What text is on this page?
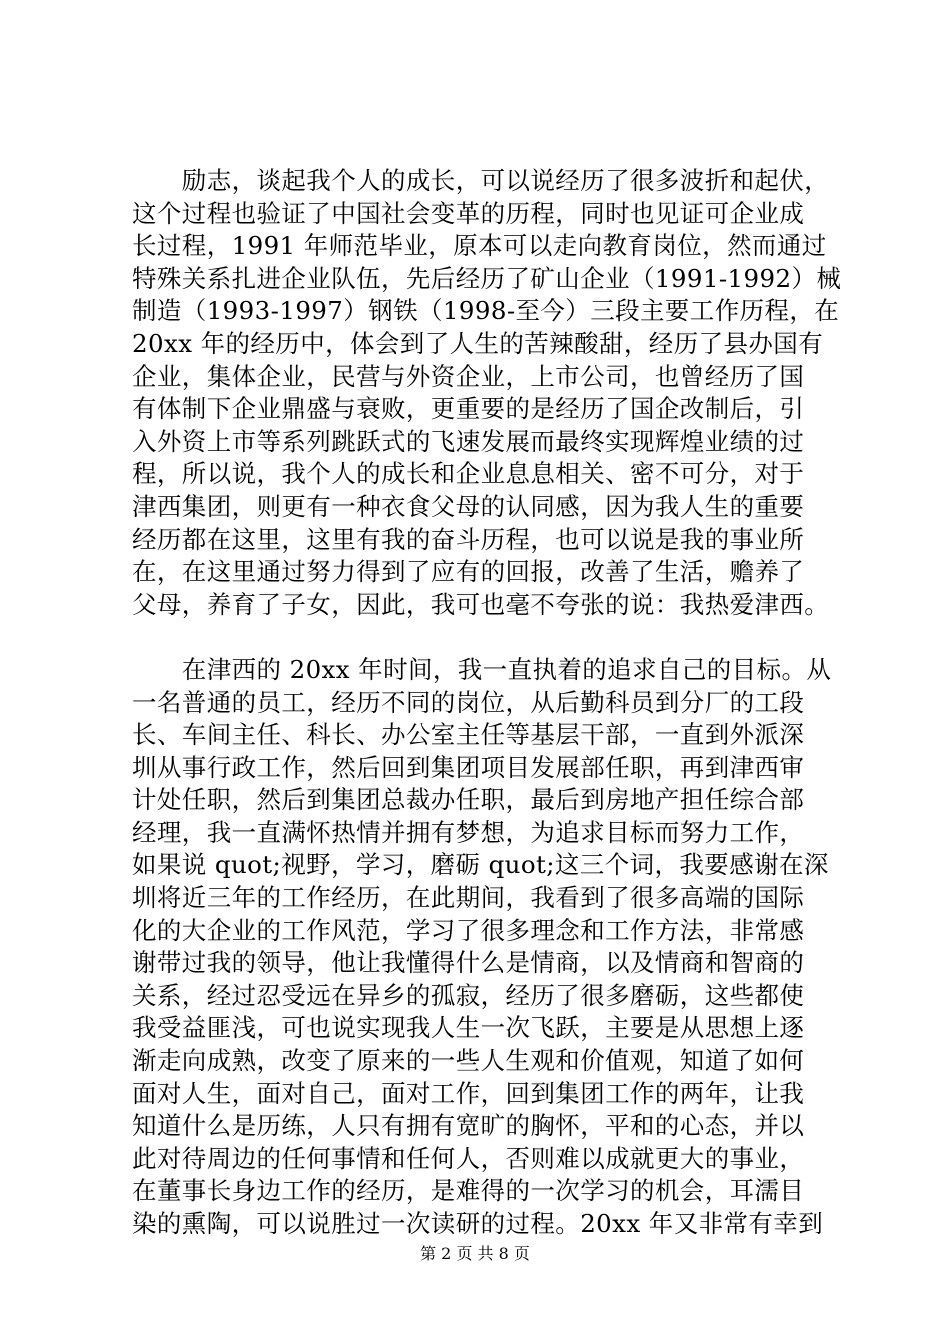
　　励志，谈起我个人的成长，可以说经历了很多波折和起伏，
这个过程也验证了中国社会变革的历程，同时也见证可企业成
长过程，1991 年师范毕业，原本可以走向教育岗位，然而通过
特殊关系扎进企业队伍，先后经历了矿山企业（1991-1992）械
制造（1993-1997）钢铁（1998-至今）三段主要工作历程，在
20xx 年的经历中，体会到了人生的苦辣酸甜，经历了县办国有
企业，集体企业，民营与外资企业，上市公司，也曾经历了国
有体制下企业鼎盛与衰败，更重要的是经历了国企改制后，引
入外资上市等系列跳跃式的飞速发展而最终实现辉煌业绩的过
程，所以说，我个人的成长和企业息息相关、密不可分，对于
津西集团，则更有一种衣食父母的认同感，因为我人生的重要
经历都在这里，这里有我的奋斗历程，也可以说是我的事业所
在，在这里通过努力得到了应有的回报，改善了生活，赡养了
父母，养育了子女，因此，我可也毫不夸张的说：我热爱津西。
　　在津西的 20xx 年时间，我一直执着的追求自己的目标。从
一名普通的员工，经历不同的岗位，从后勤科员到分厂的工段
长、车间主任、科长、办公室主任等基层干部，一直到外派深
圳从事行政工作，然后回到集团项目发展部任职，再到津西审
计处任职，然后到集团总裁办任职，最后到房地产担任综合部
经理，我一直满怀热情并拥有梦想，为追求目标而努力工作，
如果说 quot;视野，学习，磨砺 quot;这三个词，我要感谢在深
圳将近三年的工作经历，在此期间，我看到了很多高端的国际
化的大企业的工作风范，学习了很多理念和工作方法，非常感
谢带过我的领导，他让我懂得什么是情商，以及情商和智商的
关系，经过忍受远在异乡的孤寂，经历了很多磨砺，这些都使
我受益匪浅，可也说实现我人生一次飞跃，主要是从思想上逐
渐走向成熟，改变了原来的一些人生观和价值观，知道了如何
面对人生，面对自己，面对工作，回到集团工作的两年，让我
知道什么是历练，人只有拥有宽旷的胸怀，平和的心态，并以
此对待周边的任何事情和任何人，否则难以成就更大的事业，
在董事长身边工作的经历，是难得的一次学习的机会，耳濡目
染的熏陶，可以说胜过一次读研的过程。20xx 年又非常有幸到
第 2 页 共 8 页
